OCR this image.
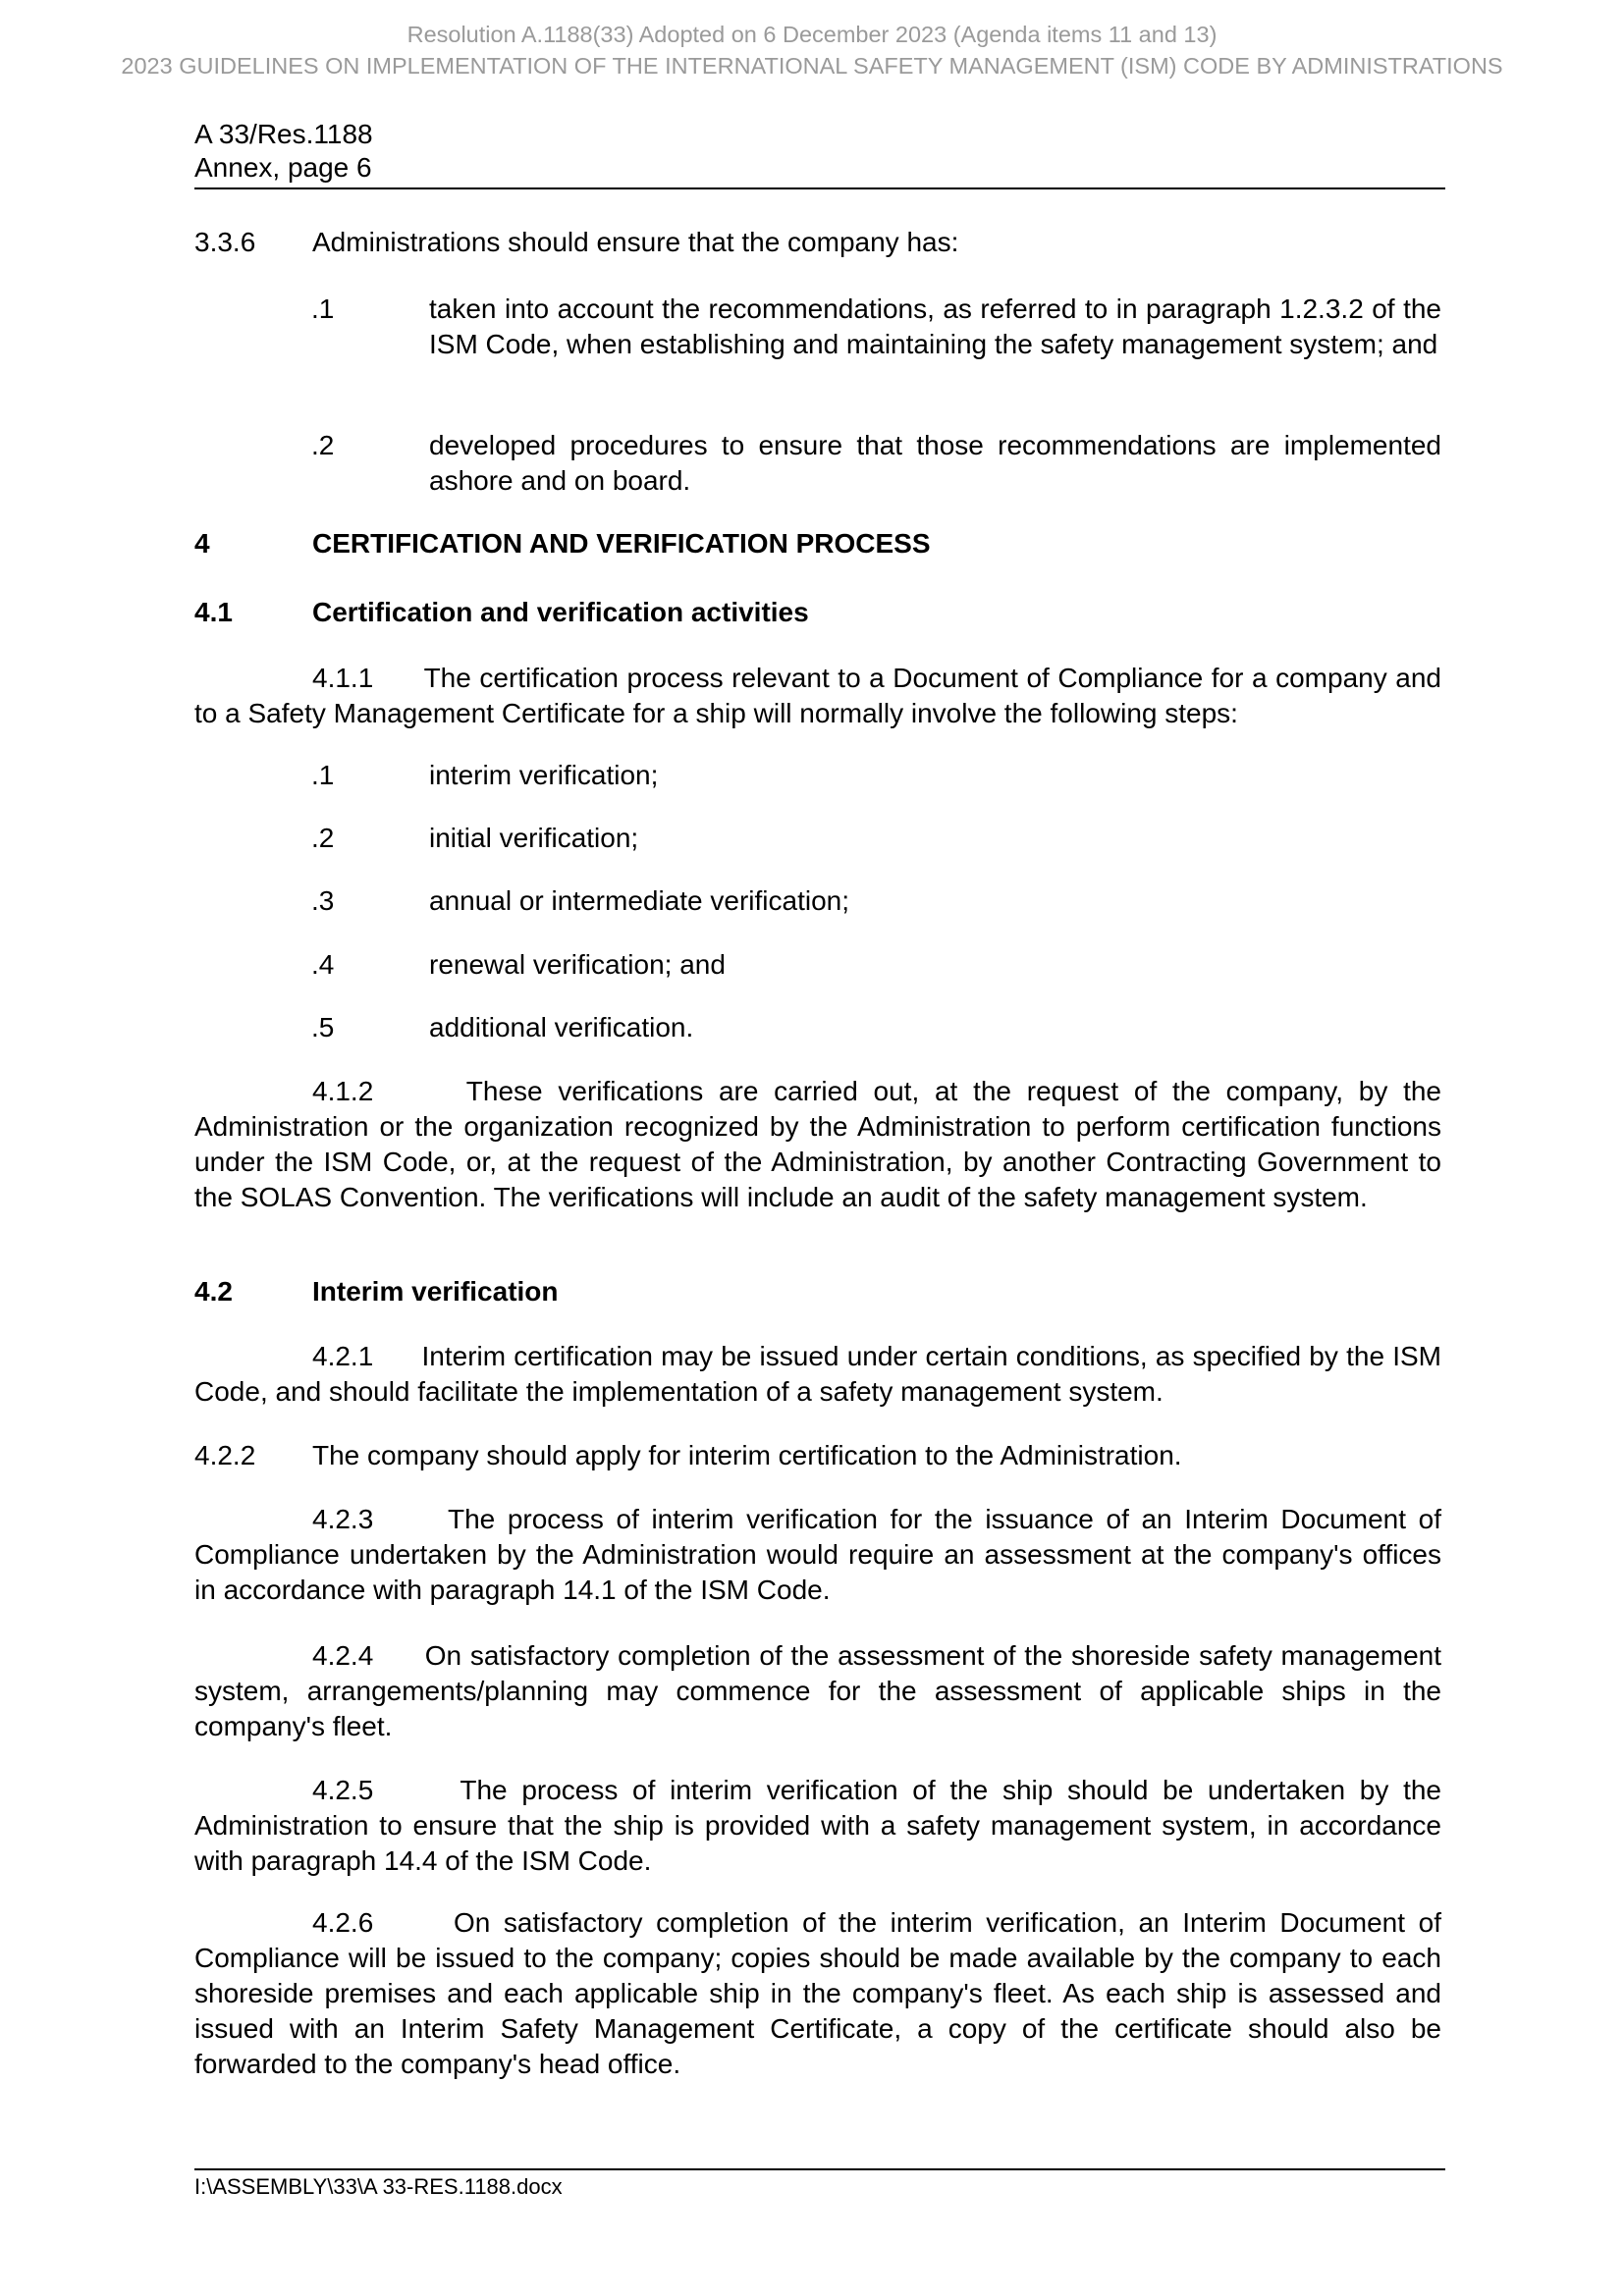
Resolution A.1188(33) Adopted on 6 December 2023 (Agenda items 11 and 13)
2023 GUIDELINES ON IMPLEMENTATION OF THE INTERNATIONAL SAFETY MANAGEMENT (ISM) CODE BY ADMINISTRATIONS
A 33/Res.1188
Annex, page 6
3.3.6 Administrations should ensure that the company has:
.1	taken into account the recommendations, as referred to in paragraph 1.2.3.2 of the ISM Code, when establishing and maintaining the safety management system; and
.2	developed procedures to ensure that those recommendations are implemented ashore and on board.
4	CERTIFICATION AND VERIFICATION PROCESS
4.1	Certification and verification activities
4.1.1      The certification process relevant to a Document of Compliance for a company and to a Safety Management Certificate for a ship will normally involve the following steps:
.1	interim verification;
.2	initial verification;
.3	annual or intermediate verification;
.4	renewal verification; and
.5	additional verification.
4.1.2      These verifications are carried out, at the request of the company, by the Administration or the organization recognized by the Administration to perform certification functions under the ISM Code, or, at the request of the Administration, by another Contracting Government to the SOLAS Convention. The verifications will include an audit of the safety management system.
4.2	Interim verification
4.2.1      Interim certification may be issued under certain conditions, as specified by the ISM Code, and should facilitate the implementation of a safety management system.
4.2.2 The company should apply for interim certification to the Administration.
4.2.3      The process of interim verification for the issuance of an Interim Document of Compliance undertaken by the Administration would require an assessment at the company's offices in accordance with paragraph 14.1 of the ISM Code.
4.2.4      On satisfactory completion of the assessment of the shoreside safety management system, arrangements/planning may commence for the assessment of applicable ships in the company's fleet.
4.2.5      The process of interim verification of the ship should be undertaken by the Administration to ensure that the ship is provided with a safety management system, in accordance with paragraph 14.4 of the ISM Code.
4.2.6      On satisfactory completion of the interim verification, an Interim Document of Compliance will be issued to the company; copies should be made available by the company to each shoreside premises and each applicable ship in the company's fleet. As each ship is assessed and issued with an Interim Safety Management Certificate, a copy of the certificate should also be forwarded to the company's head office.
I:\ASSEMBLY\33\A 33-RES.1188.docx
